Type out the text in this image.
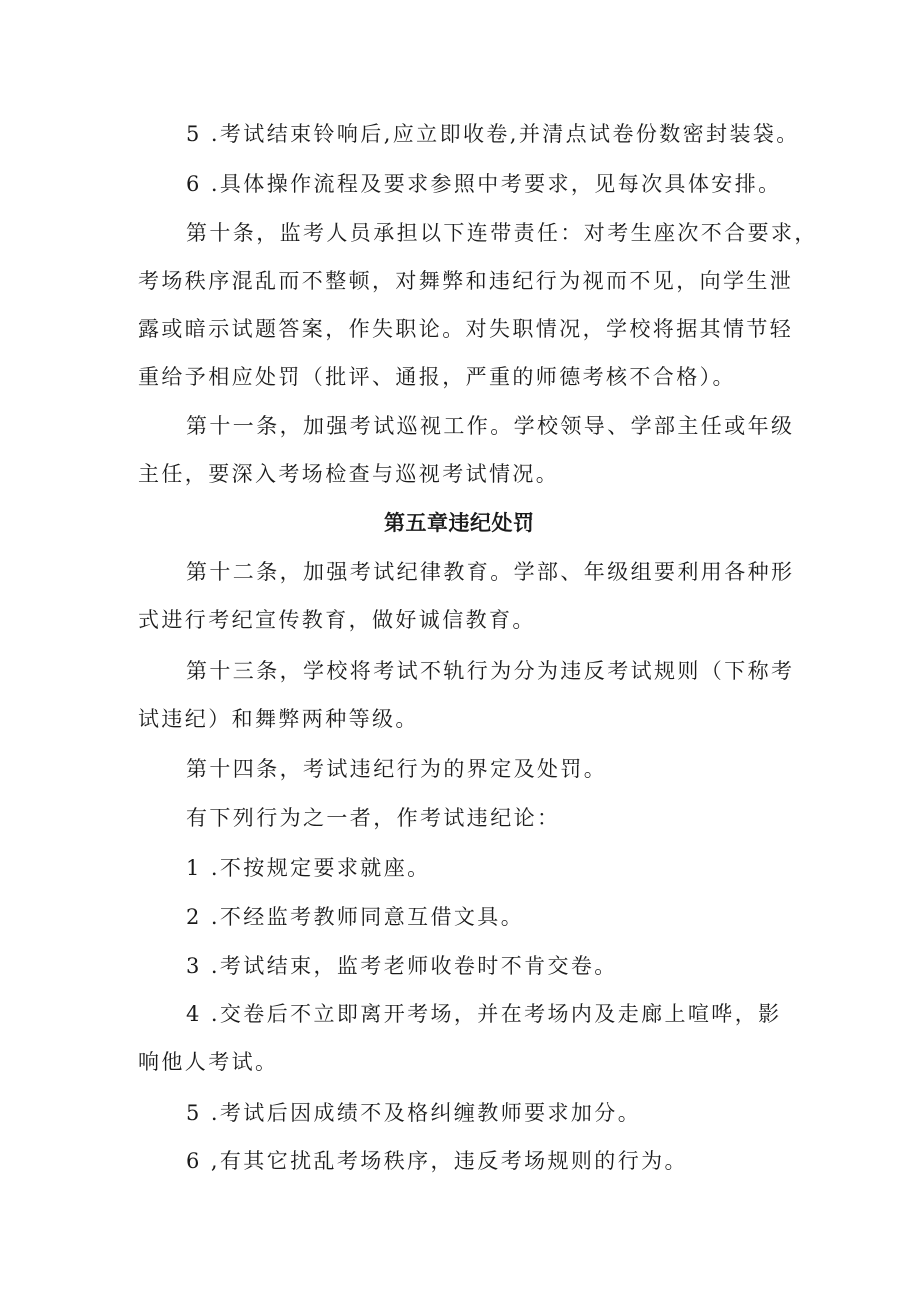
5 .考试结束铃响后,应立即收卷,并清点试卷份数密封装袋。
6 .具体操作流程及要求参照中考要求，见每次具体安排。
第十条，监考人员承担以下连带责任：对考生座次不合要求，
考场秩序混乱而不整顿，对舞弊和违纪行为视而不见，向学生泄
露或暗示试题答案，作失职论。对失职情况，学校将据其情节轻
重给予相应处罚（批评、通报，严重的师德考核不合格）。
第十一条，加强考试巡视工作。学校领导、学部主任或年级
主任，要深入考场检查与巡视考试情况。
第五章违纪处罚
第十二条，加强考试纪律教育。学部、年级组要利用各种形
式进行考纪宣传教育，做好诚信教育。
第十三条，学校将考试不轨行为分为违反考试规则（下称考
试违纪）和舞弊两种等级。
第十四条，考试违纪行为的界定及处罚。
有下列行为之一者，作考试违纪论：
1 .不按规定要求就座。
2 .不经监考教师同意互借文具。
3 .考试结束，监考老师收卷时不肯交卷。
4 .交卷后不立即离开考场，并在考场内及走廊上喧哗，影
响他人考试。
5 .考试后因成绩不及格纠缠教师要求加分。
6 ,有其它扰乱考场秩序，违反考场规则的行为。
